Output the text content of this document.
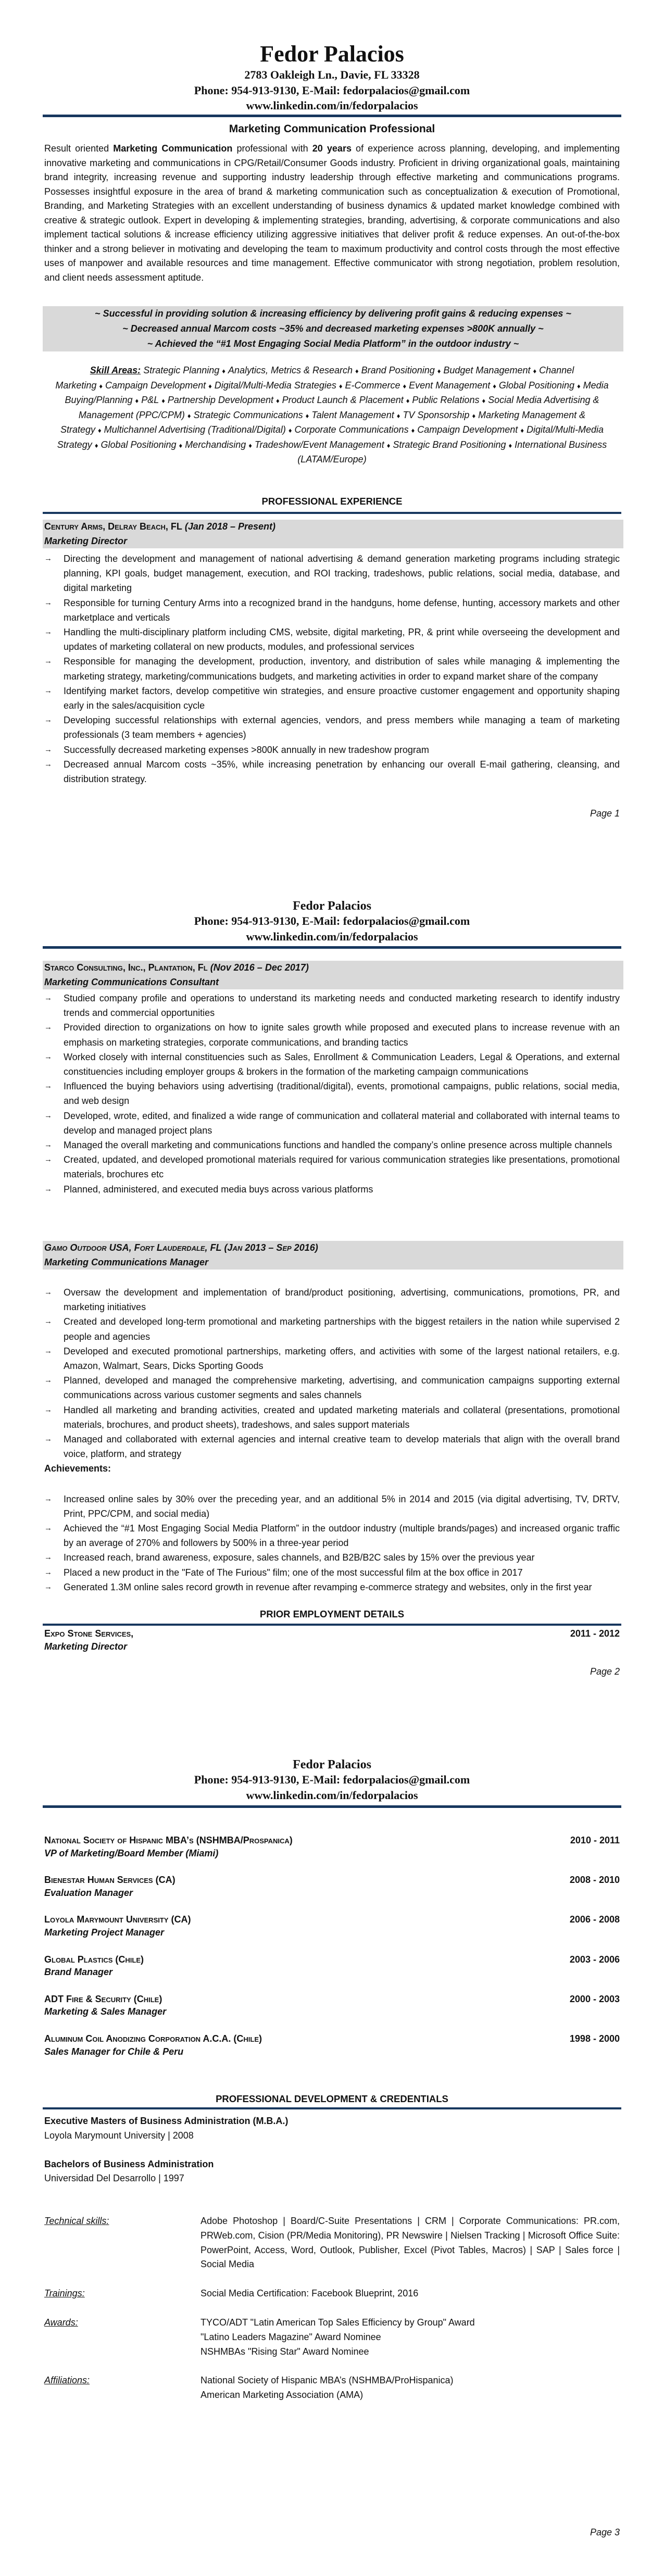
Fedor Palacios
2783 Oakleigh Ln., Davie, FL 33328
Phone: 954-913-9130, E-Mail: fedorpalacios@gmail.com
www.linkedin.com/in/fedorpalacios
Marketing Communication Professional
Result oriented Marketing Communication professional with 20 years of experience across planning, developing, and implementing innovative marketing and communications in CPG/Retail/Consumer Goods industry. Proficient in driving organizational goals, maintaining brand integrity, increasing revenue and supporting industry leadership through effective marketing and communications programs. Possesses insightful exposure in the area of brand & marketing communication such as conceptualization & execution of Promotional, Branding, and Marketing Strategies with an excellent understanding of business dynamics & updated market knowledge combined with creative & strategic outlook. Expert in developing & implementing strategies, branding, advertising, & corporate communications and also implement tactical solutions & increase efficiency utilizing aggressive initiatives that deliver profit & reduce expenses. An out-of-the-box thinker and a strong believer in motivating and developing the team to maximum productivity and control costs through the most effective uses of manpower and available resources and time management. Effective communicator with strong negotiation, problem resolution, and client needs assessment aptitude.
~ Successful in providing solution & increasing efficiency by delivering profit gains & reducing expenses ~
~ Decreased annual Marcom costs ~35% and decreased marketing expenses >800K annually ~
~ Achieved the “#1 Most Engaging Social Media Platform” in the outdoor industry ~
Skill Areas: Strategic Planning ♦ Analytics, Metrics & Research ♦ Brand Positioning ♦ Budget Management ♦ Channel Marketing ♦ Campaign Development ♦ Digital/Multi-Media Strategies ♦ E-Commerce ♦ Event Management ♦ Global Positioning ♦ Media Buying/Planning ♦ P&L ♦ Partnership Development ♦ Product Launch & Placement ♦ Public Relations ♦ Social Media Advertising & Management (PPC/CPM) ♦ Strategic Communications ♦ Talent Management ♦ TV Sponsorship ♦ Marketing Management & Strategy ♦ Multichannel Advertising (Traditional/Digital) ♦ Corporate Communications ♦ Campaign Development ♦ Digital/Multi-Media Strategy ♦ Global Positioning ♦ Merchandising ♦ Tradeshow/Event Management ♦ Strategic Brand Positioning ♦ International Business (LATAM/Europe)
PROFESSIONAL EXPERIENCE
Century Arms, Delray Beach, FL (Jan 2018 – Present)
Marketing Director
→ Directing the development and management of national advertising & demand generation marketing programs including strategic planning, KPI goals, budget management, execution, and ROI tracking, tradeshows, public relations, social media, database, and digital marketing
→ Responsible for turning Century Arms into a recognized brand in the handguns, home defense, hunting, accessory markets and other marketplace and verticals
→ Handling the multi-disciplinary platform including CMS, website, digital marketing, PR, & print while overseeing the development and updates of marketing collateral on new products, modules, and professional services
→ Responsible for managing the development, production, inventory, and distribution of sales while managing & implementing the marketing strategy, marketing/communications budgets, and marketing activities in order to expand market share of the company
→ Identifying market factors, develop competitive win strategies, and ensure proactive customer engagement and opportunity shaping early in the sales/acquisition cycle
→ Developing successful relationships with external agencies, vendors, and press members while managing a team of marketing professionals (3 team members + agencies)
→ Successfully decreased marketing expenses >800K annually in new tradeshow program
→ Decreased annual Marcom costs ~35%, while increasing penetration by enhancing our overall E-mail gathering, cleansing, and distribution strategy.
Page 1
Fedor Palacios
Phone: 954-913-9130, E-Mail: fedorpalacios@gmail.com
www.linkedin.com/in/fedorpalacios
Starco Consulting, Inc., Plantation, Fl (Nov 2016 – Dec 2017)
Marketing Communications Consultant
→ Studied company profile and operations to understand its marketing needs and conducted marketing research to identify industry trends and commercial opportunities
→ Provided direction to organizations on how to ignite sales growth while proposed and executed plans to increase revenue with an emphasis on marketing strategies, corporate communications, and branding tactics
→ Worked closely with internal constituencies such as Sales, Enrollment & Communication Leaders, Legal & Operations, and external constituencies including employer groups & brokers in the formation of the marketing campaign communications
→ Influenced the buying behaviors using advertising (traditional/digital), events, promotional campaigns, public relations, social media, and web design
→ Developed, wrote, edited, and finalized a wide range of communication and collateral material and collaborated with internal teams to develop and managed project plans
→ Managed the overall marketing and communications functions and handled the company’s online presence across multiple channels
→ Created, updated, and developed promotional materials required for various communication strategies like presentations, promotional materials, brochures etc
→ Planned, administered, and executed media buys across various platforms
Gamo Outdoor USA, Fort Lauderdale, FL (Jan 2013 – Sep 2016)
Marketing Communications Manager
→ Oversaw the development and implementation of brand/product positioning, advertising, communications, promotions, PR, and marketing initiatives
→ Created and developed long-term promotional and marketing partnerships with the biggest retailers in the nation while supervised 2 people and agencies
→ Developed and executed promotional partnerships, marketing offers, and activities with some of the largest national retailers, e.g. Amazon, Walmart, Sears, Dicks Sporting Goods
→ Planned, developed and managed the comprehensive marketing, advertising, and communication campaigns supporting external communications across various customer segments and sales channels
→ Handled all marketing and branding activities, created and updated marketing materials and collateral (presentations, promotional materials, brochures, and product sheets), tradeshows, and sales support materials
→ Managed and collaborated with external agencies and internal creative team to develop materials that align with the overall brand voice, platform, and strategy
Achievements:
→ Increased online sales by 30% over the preceding year, and an additional 5% in 2014 and 2015 (via digital advertising, TV, DRTV, Print, PPC/CPM, and social media)
→ Achieved the “#1 Most Engaging Social Media Platform” in the outdoor industry (multiple brands/pages) and increased organic traffic by an average of 270% and followers by 500% in a three-year period
→ Increased reach, brand awareness, exposure, sales channels, and B2B/B2C sales by 15% over the previous year
→ Placed a new product in the "Fate of The Furious" film; one of the most successful film at the box office in 2017
→ Generated 1.3M online sales record growth in revenue after revamping e-commerce strategy and websites, only in the first year
PRIOR EMPLOYMENT DETAILS
Expo Stone Services,	2011 - 2012
Marketing Director
Page 2
Fedor Palacios
Phone: 954-913-9130, E-Mail: fedorpalacios@gmail.com
www.linkedin.com/in/fedorpalacios
National Society of Hispanic MBA’s (NSHMBA/Prospanica)	2010 - 2011
VP of Marketing/Board Member (Miami)
Bienestar Human Services (CA)	2008 - 2010
Evaluation Manager
Loyola Marymount University (CA)	2006 - 2008
Marketing Project Manager
Global Plastics (Chile)	2003 - 2006
Brand Manager
ADT Fire & Security (Chile)	2000 - 2003
Marketing & Sales Manager
Aluminum Coil Anodizing Corporation A.C.A. (Chile)	1998 - 2000
Sales Manager for Chile & Peru
PROFESSIONAL DEVELOPMENT & CREDENTIALS
Executive Masters of Business Administration (M.B.A.)
Loyola Marymount University | 2008
Bachelors of Business Administration
Universidad Del Desarrollo | 1997
Technical skills:	Adobe Photoshop | Board/C-Suite Presentations | CRM | Corporate Communications: PR.com, PRWeb.com, Cision (PR/Media Monitoring), PR Newswire | Nielsen Tracking | Microsoft Office Suite: PowerPoint, Access, Word, Outlook, Publisher, Excel (Pivot Tables, Macros) | SAP | Sales force | Social Media
Trainings:	Social Media Certification: Facebook Blueprint, 2016
Awards:	TYCO/ADT "Latin American Top Sales Efficiency by Group" Award
"Latino Leaders Magazine" Award Nominee
NSHMBAs "Rising Star" Award Nominee
Affiliations:	National Society of Hispanic MBA’s (NSHMBA/ProHispanica)
American Marketing Association (AMA)
Page 3
